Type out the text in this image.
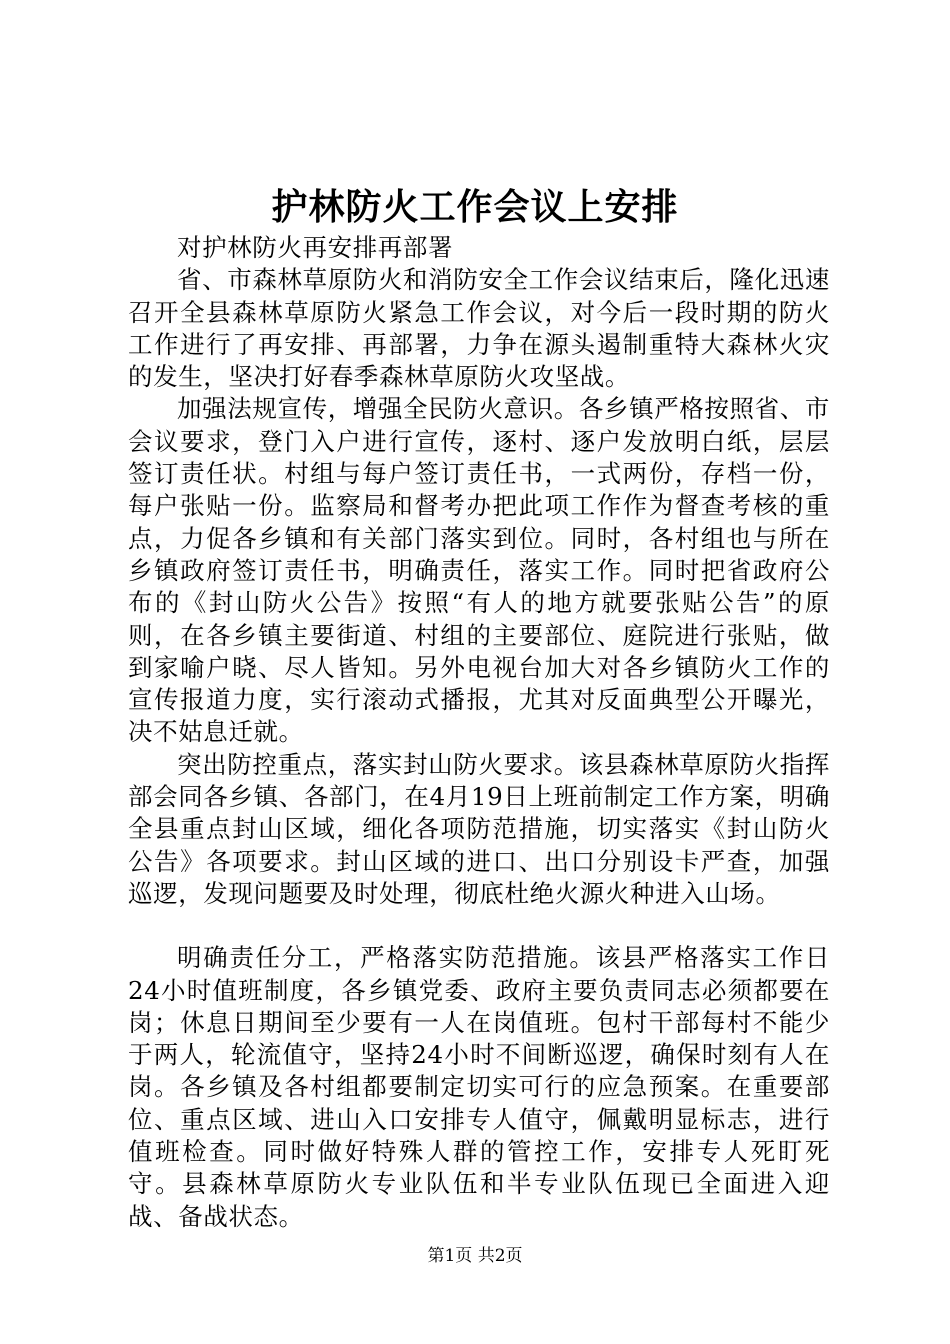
护林防火工作会议上安排

对护林防火再安排再部署

省、市森林草原防火和消防安全工作会议结束后，隆化迅速召开全县森林草原防火紧急工作会议，对今后一段时期的防火工作进行了再安排、再部署，力争在源头遏制重特大森林火灾的发生，坚决打好春季森林草原防火攻坚战。

加强法规宣传，增强全民防火意识。各乡镇严格按照省、市会议要求，登门入户进行宣传，逐村、逐户发放明白纸，层层签订责任状。村组与每户签订责任书，一式两份，存档一份，每户张贴一份。监察局和督考办把此项工作作为督查考核的重点，力促各乡镇和有关部门落实到位。同时，各村组也与所在乡镇政府签订责任书，明确责任，落实工作。同时把省政府公布的《封山防火公告》按照“有人的地方就要张贴公告”的原则，在各乡镇主要街道、村组的主要部位、庭院进行张贴，做到家喻户晓、尽人皆知。另外电视台加大对各乡镇防火工作的宣传报道力度，实行滚动式播报，尤其对反面典型公开曝光，决不姑息迁就。

突出防控重点，落实封山防火要求。该县森林草原防火指挥部会同各乡镇、各部门，在4月19日上班前制定工作方案，明确全县重点封山区域，细化各项防范措施，切实落实《封山防火公告》各项要求。封山区域的进口、出口分别设卡严查，加强巡逻，发现问题要及时处理，彻底杜绝火源火种进入山场。

明确责任分工，严格落实防范措施。该县严格落实工作日24小时值班制度，各乡镇党委、政府主要负责同志必须都要在岗；休息日期间至少要有一人在岗值班。包村干部每村不能少于两人，轮流值守，坚持24小时不间断巡逻，确保时刻有人在岗。各乡镇及各村组都要制定切实可行的应急预案。在重要部位、重点区域、进山入口安排专人值守，佩戴明显标志，进行值班检查。同时做好特殊人群的管控工作，安排专人死盯死守。县森林草原防火专业队伍和半专业队伍现已全面进入迎战、备战状态。

第1页 共2页
